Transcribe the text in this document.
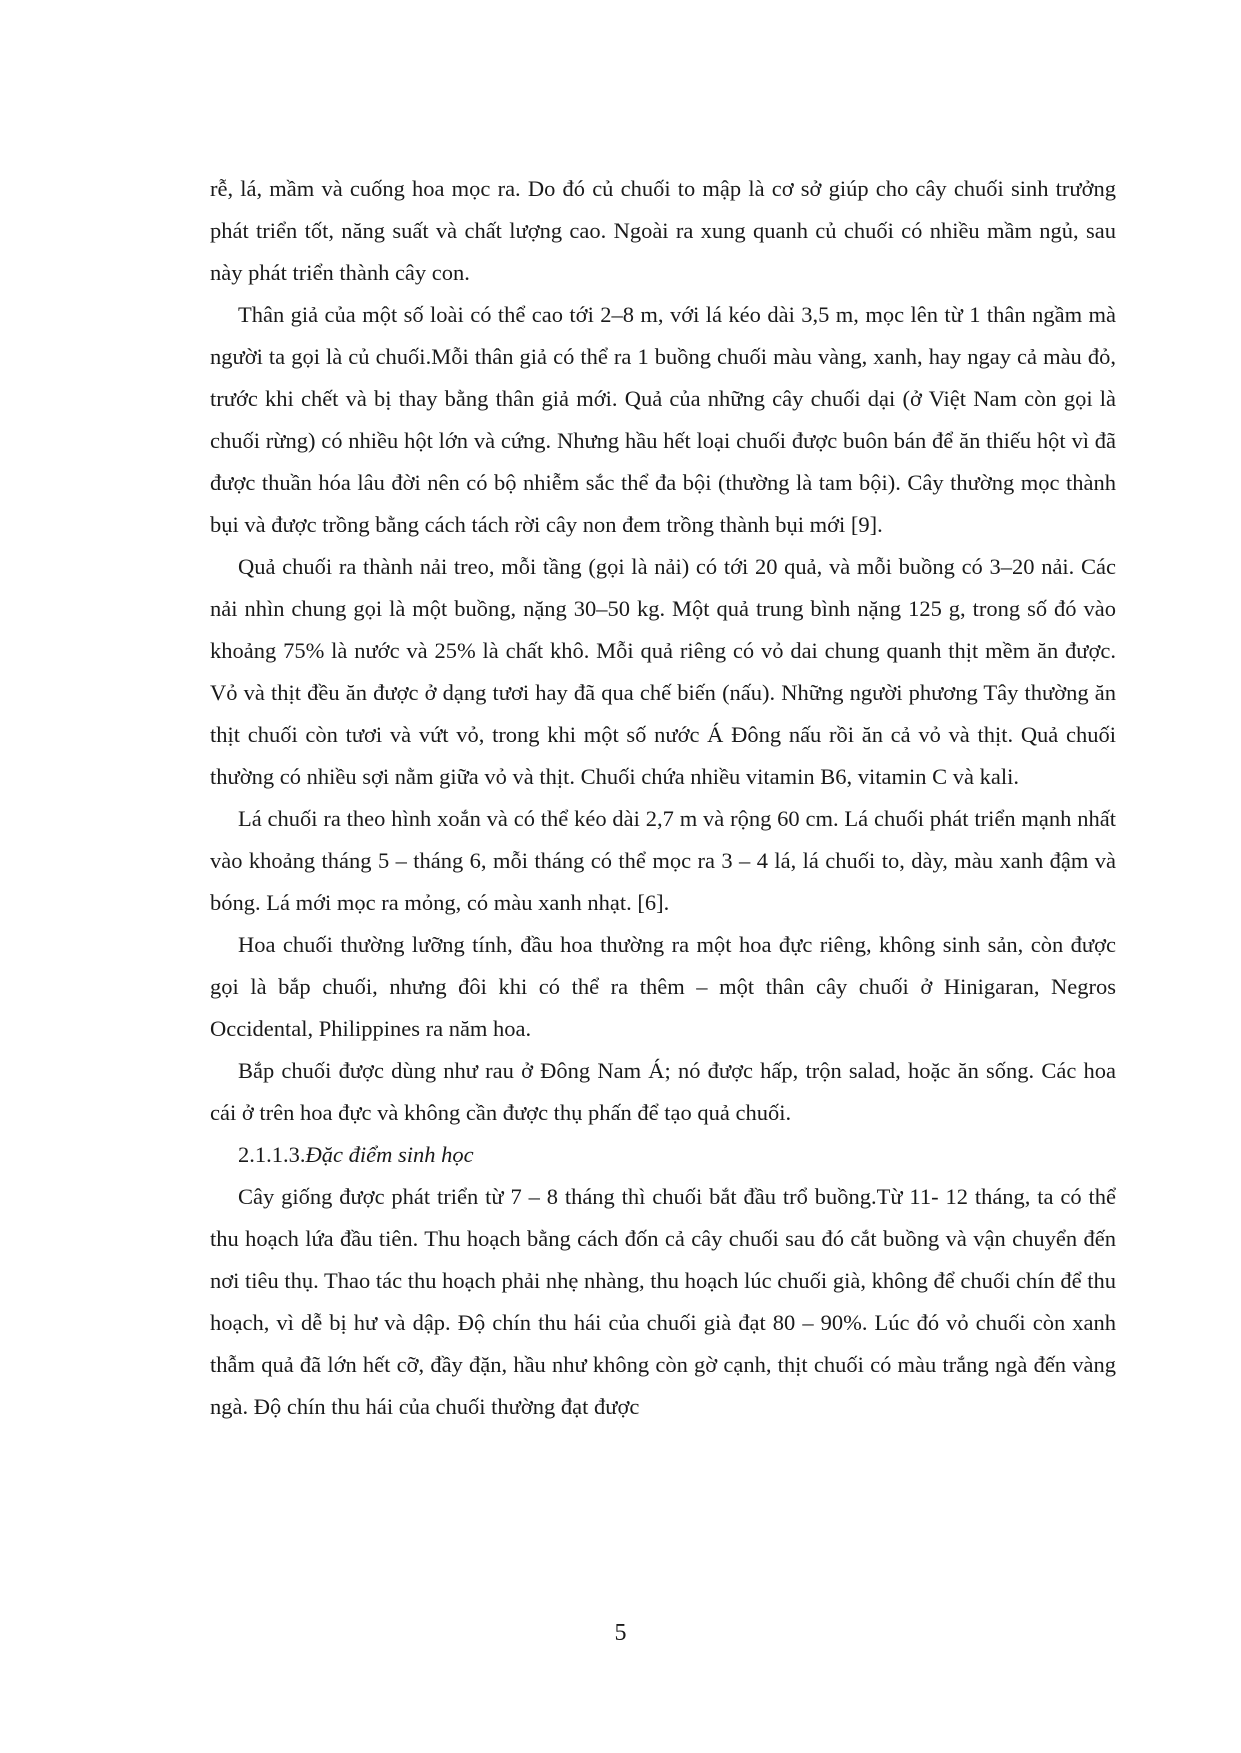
rễ, lá, mầm và cuống hoa mọc ra. Do đó củ chuối to mập là cơ sở giúp cho cây chuối sinh trưởng phát triển tốt, năng suất và chất lượng cao. Ngoài ra xung quanh củ chuối có nhiều mầm ngủ, sau này phát triển thành cây con.

Thân giả của một số loài có thể cao tới 2–8 m, với lá kéo dài 3,5 m, mọc lên từ 1 thân ngầm mà người ta gọi là củ chuối.Mỗi thân giả có thể ra 1 buồng chuối màu vàng, xanh, hay ngay cả màu đỏ, trước khi chết và bị thay bằng thân giả mới. Quả của những cây chuối dại (ở Việt Nam còn gọi là chuối rừng) có nhiều hột lớn và cứng. Nhưng hầu hết loại chuối được buôn bán để ăn thiếu hột vì đã được thuần hóa lâu đời nên có bộ nhiễm sắc thể đa bội (thường là tam bội). Cây thường mọc thành bụi và được trồng bằng cách tách rời cây non đem trồng thành bụi mới [9].

Quả chuối ra thành nải treo, mỗi tầng (gọi là nải) có tới 20 quả, và mỗi buồng có 3–20 nải. Các nải nhìn chung gọi là một buồng, nặng 30–50 kg. Một quả trung bình nặng 125 g, trong số đó vào khoảng 75% là nước và 25% là chất khô. Mỗi quả riêng có vỏ dai chung quanh thịt mềm ăn được. Vỏ và thịt đều ăn được ở dạng tươi hay đã qua chế biến (nấu). Những người phương Tây thường ăn thịt chuối còn tươi và vứt vỏ, trong khi một số nước Á Đông nấu rồi ăn cả vỏ và thịt. Quả chuối thường có nhiều sợi nằm giữa vỏ và thịt. Chuối chứa nhiều vitamin B6, vitamin C và kali.

Lá chuối ra theo hình xoắn và có thể kéo dài 2,7 m và rộng 60 cm. Lá chuối phát triển mạnh nhất vào khoảng tháng 5 – tháng 6, mỗi tháng có thể mọc ra 3 – 4 lá, lá chuối to, dày, màu xanh đậm và bóng. Lá mới mọc ra mỏng, có màu xanh nhạt. [6].

Hoa chuối thường lưỡng tính, đầu hoa thường ra một hoa đực riêng, không sinh sản, còn được gọi là bắp chuối, nhưng đôi khi có thể ra thêm – một thân cây chuối ở Hinigaran, Negros Occidental, Philippines ra năm hoa.

Bắp chuối được dùng như rau ở Đông Nam Á; nó được hấp, trộn salad, hoặc ăn sống. Các hoa cái ở trên hoa đực và không cần được thụ phấn để tạo quả chuối.

2.1.1.3.Đặc điểm sinh học

Cây giống được phát triển từ 7 – 8 tháng thì chuối bắt đầu trổ buồng.Từ 11- 12 tháng, ta có thể thu hoạch lứa đầu tiên. Thu hoạch bằng cách đốn cả cây chuối sau đó cắt buồng và vận chuyển đến nơi tiêu thụ. Thao tác thu hoạch phải nhẹ nhàng, thu hoạch lúc chuối già, không để chuối chín để thu hoạch, vì dễ bị hư và dập. Độ chín thu hái của chuối già đạt 80 – 90%. Lúc đó vỏ chuối còn xanh thẫm quả đã lớn hết cỡ, đầy đặn, hầu như không còn gờ cạnh, thịt chuối có màu trắng ngà đến vàng ngà. Độ chín thu hái của chuối thường đạt được

5
